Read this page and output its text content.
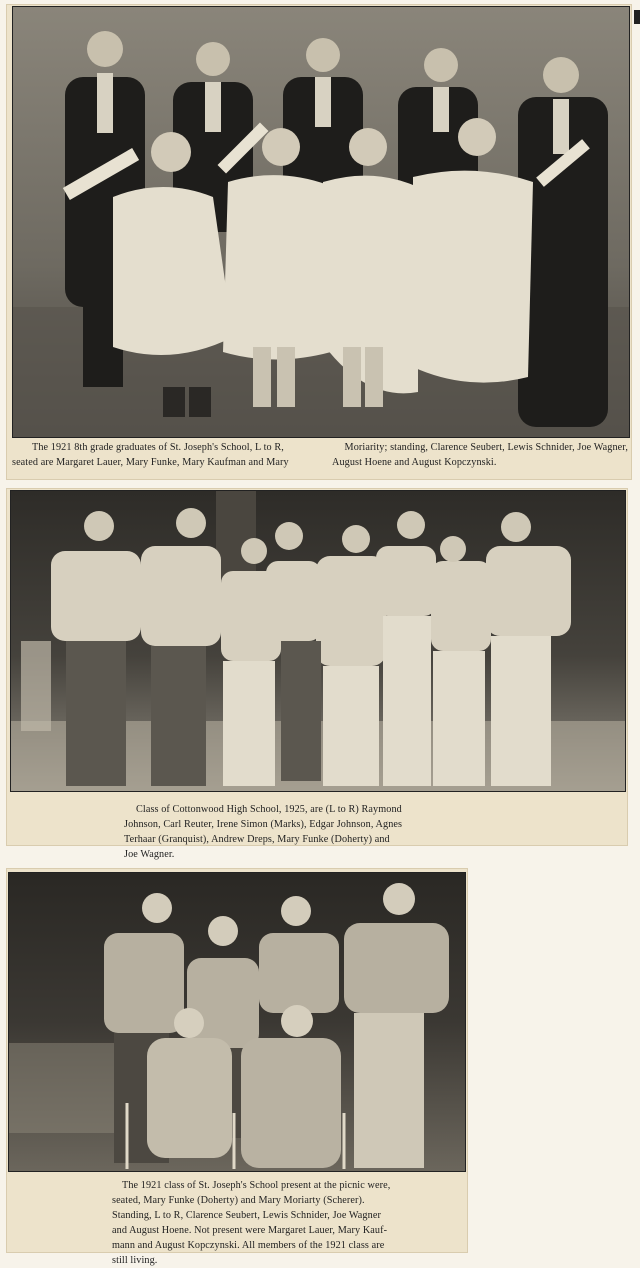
The 1921 8th grade graduates of St. Joseph's School, L to R,	Moriarity; standing, Clarence Seubert, Lewis Schnider, Joe Wagner,
seated are Margaret Lauer, Mary Funke, Mary Kaufman and Mary	August Hoene and August Kopczynski.

Class of Cottonwood High School, 1925, are (L to R) Raymond

Johnson, Carl Reuter, Irene Simon (Marks), Edgar Johnson, Agnes

Terhaar (Granquist), Andrew Dreps, Mary Funke (Doherty) and

Joe Wagner.

The 1921 class of St. Joseph's School present at the picnic were,

seated, Mary Funke (Doherty) and Mary Moriarty (Scherer).

Standing, L to R, Clarence Seubert, Lewis Schnider, Joe Wagner

and August Hoene. Not present were Margaret Lauer, Mary Kauf-

mann and August Kopczynski. All members of the 1921 class are

still living.
